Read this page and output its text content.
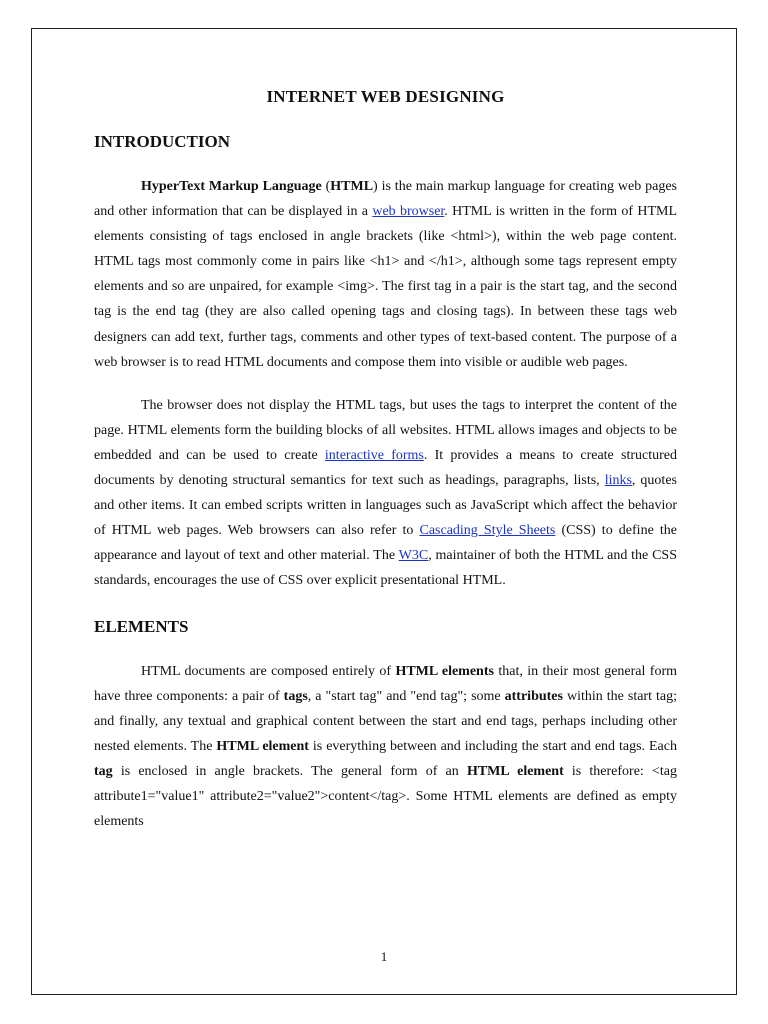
INTERNET WEB DESIGNING
INTRODUCTION

HyperText Markup Language (HTML) is the main markup language for creating web pages and other information that can be displayed in a web browser. HTML is written in the form of HTML elements consisting of tags enclosed in angle brackets (like <html>), within the web page content. HTML tags most commonly come in pairs like <h1> and </h1>, although some tags represent empty elements and so are unpaired, for example <img>. The first tag in a pair is the start tag, and the second tag is the end tag (they are also called opening tags and closing tags). In between these tags web designers can add text, further tags, comments and other types of text-based content. The purpose of a web browser is to read HTML documents and compose them into visible or audible web pages.

The browser does not display the HTML tags, but uses the tags to interpret the content of the page. HTML elements form the building blocks of all websites. HTML allows images and objects to be embedded and can be used to create interactive forms. It provides a means to create structured documents by denoting structural semantics for text such as headings, paragraphs, lists, links, quotes and other items. It can embed scripts written in languages such as JavaScript which affect the behavior of HTML web pages. Web browsers can also refer to Cascading Style Sheets (CSS) to define the appearance and layout of text and other material. The W3C, maintainer of both the HTML and the CSS standards, encourages the use of CSS over explicit presentational HTML.

ELEMENTS

HTML documents are composed entirely of HTML elements that, in their most general form have three components: a pair of tags, a "start tag" and "end tag"; some attributes within the start tag; and finally, any textual and graphical content between the start and end tags, perhaps including other nested elements. The HTML element is everything between and including the start and end tags. Each tag is enclosed in angle brackets. The general form of an HTML element is therefore: <tag attribute1="value1" attribute2="value2">content</tag>. Some HTML elements are defined as empty elements

1
